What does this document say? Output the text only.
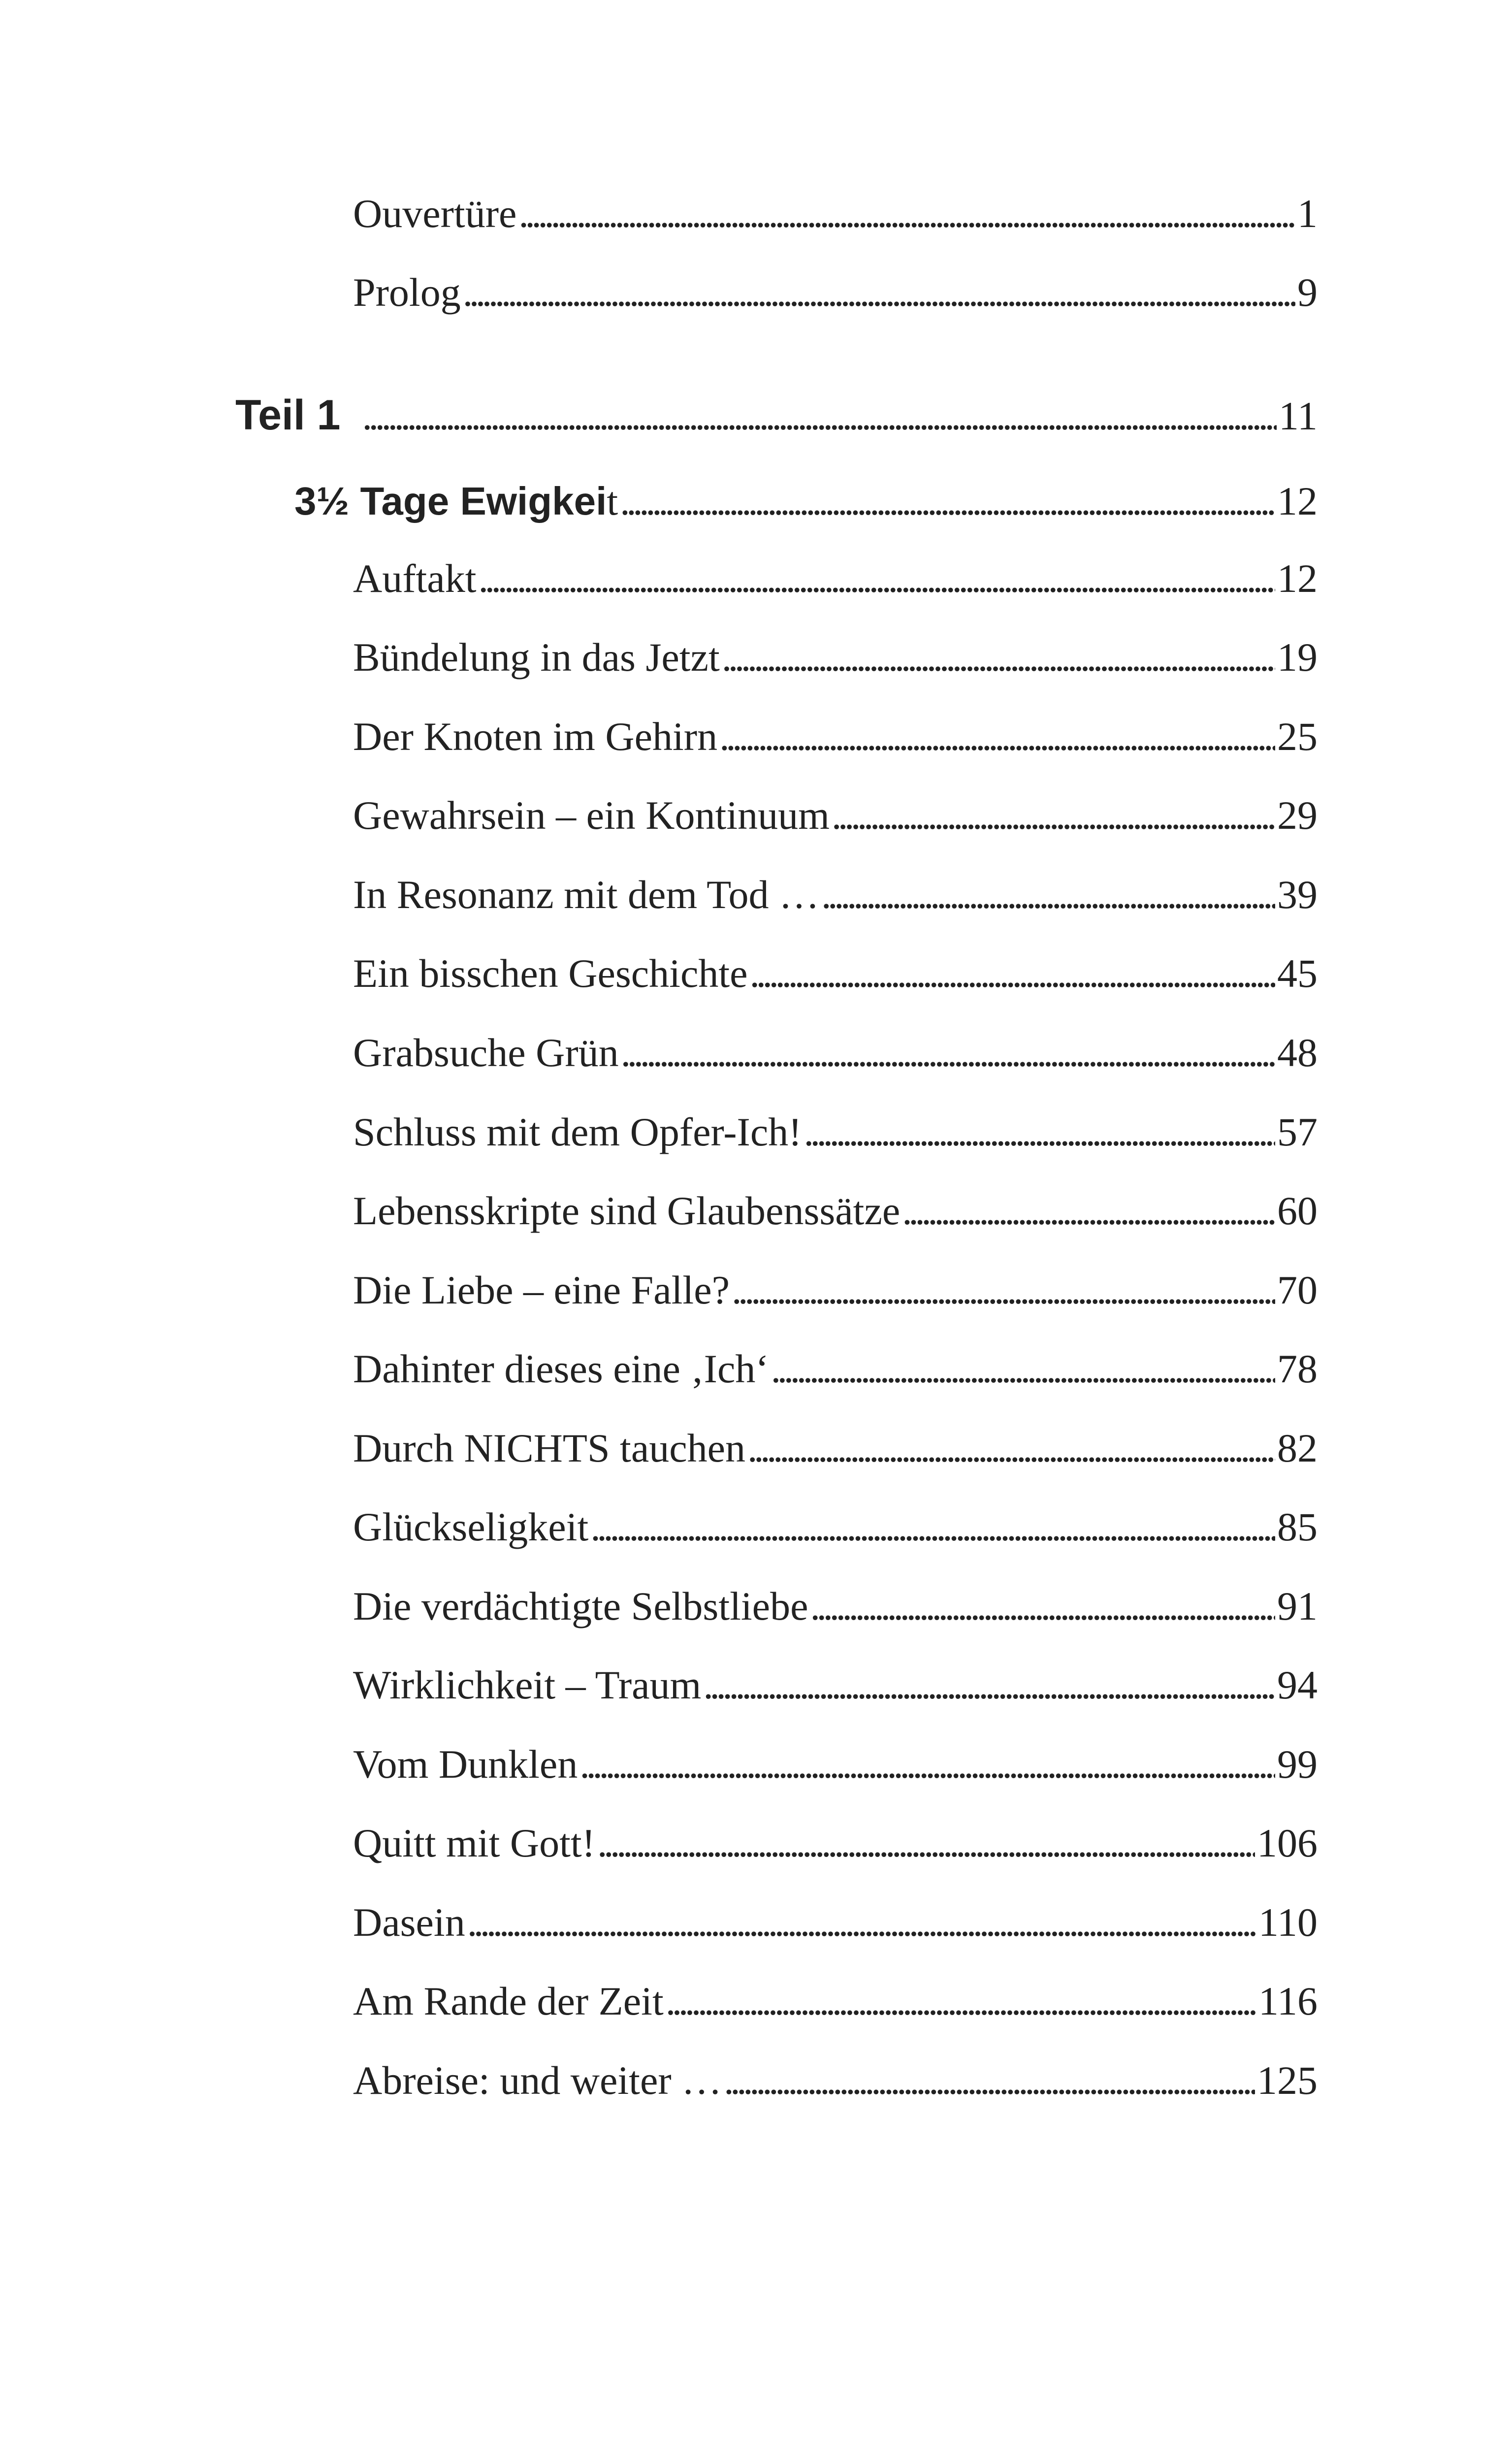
Ouvertüre . . .	1
Prolog . . .	9
Teil 1 . . .	11
3½ Tage Ewigkeit . . .	12
Auftakt . . .	12
Bündelung in das Jetzt . . .	19
Der Knoten im Gehirn . . .	25
Gewahrsein – ein Kontinuum . . .	29
In Resonanz mit dem Tod … . . .	39
Ein bisschen Geschichte . . .	45
Grabsuche Grün . . .	48
Schluss mit dem Opfer-Ich! . . .	57
Lebensskripte sind Glaubenssätze . . .	60
Die Liebe – eine Falle? . . .	70
Dahinter dieses eine ‚Ich‘ . . .	78
Durch NICHTS tauchen . . .	82
Glückseligkeit . . .	85
Die verdächtigte Selbstliebe . . .	91
Wirklichkeit – Traum . . .	94
Vom Dunklen . . .	99
Quitt mit Gott! . . .	106
Dasein . . .	110
Am Rande der Zeit . . .	116
Abreise: und weiter … . . .	125
